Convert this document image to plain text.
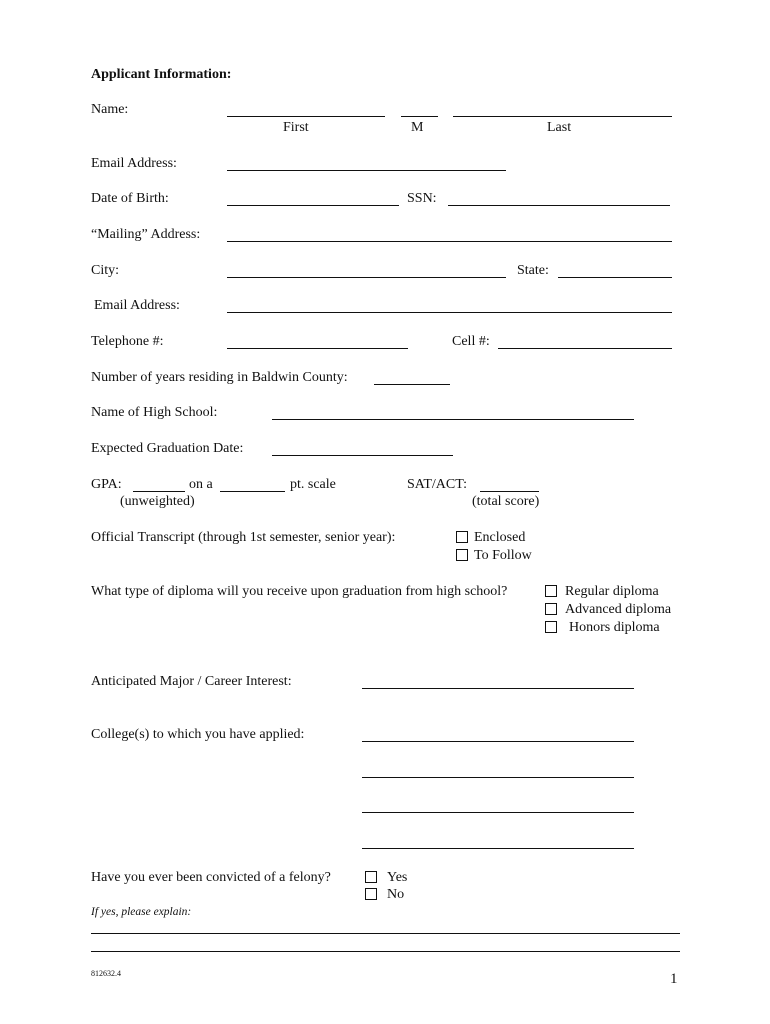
Applicant Information:
Name:
First	M	Last
Email Address:
Date of Birth:	SSN:
“Mailing” Address:
City:	State:
Email Address:
Telephone #:	Cell #:
Number of years residing in Baldwin County:
Name of High School:
Expected Graduation Date:
GPA:	on a	pt. scale
(unweighted)
SAT/ACT:
(total score)
Official Transcript (through 1st semester, senior year):	Enclosed
To Follow
What type of diploma will you receive upon graduation from high school?	Regular diploma
Advanced diploma
Honors diploma
Anticipated Major / Career Interest:
College(s) to which you have applied:
Have you ever been convicted of a felony?	Yes
No
If yes, please explain:
812632.4	1
